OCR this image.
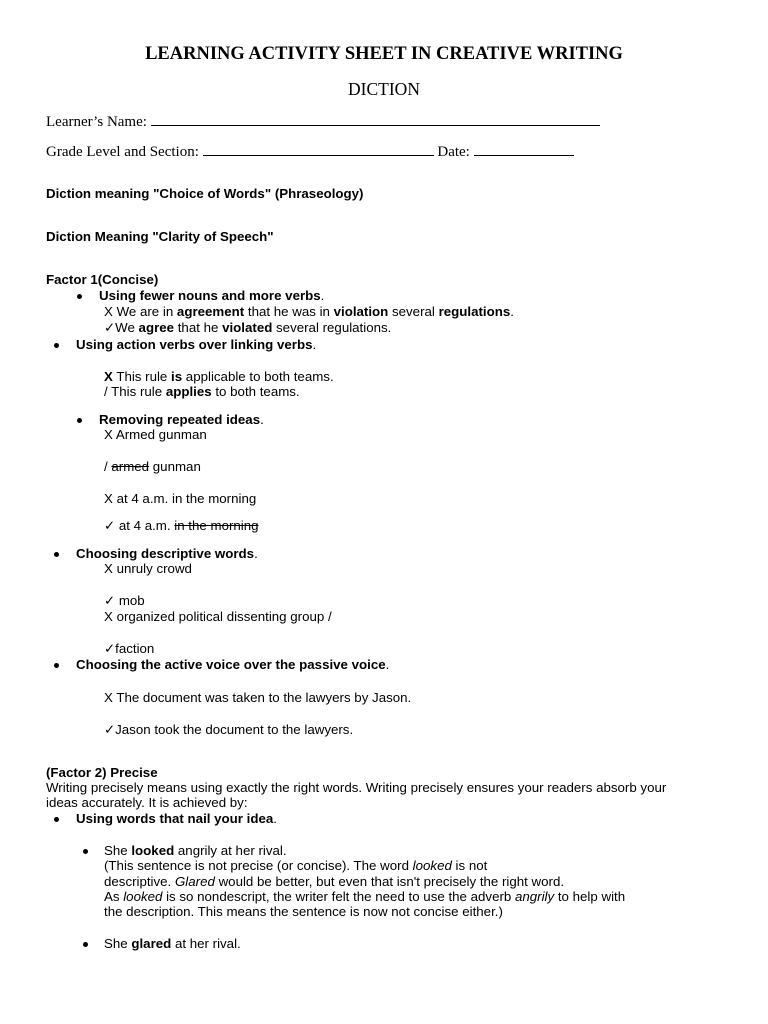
LEARNING ACTIVITY SHEET IN CREATIVE WRITING
DICTION
Learner’s Name:
Grade Level and Section:	Date:
Diction meaning "Choice of Words" (Phraseology)
Diction Meaning "Clarity of Speech"
Factor 1(Concise)
Using fewer nouns and more verbs.
X We are in agreement that he was in violation several regulations.
✓We agree that he violated several regulations.
Using action verbs over linking verbs.
X This rule is applicable to both teams.
/ This rule applies to both teams.
Removing repeated ideas.
X Armed gunman
/ armed gunman
X at 4 a.m. in the morning
✓ at 4 a.m. in the morning
Choosing descriptive words.
X unruly crowd
✓ mob
X organized political dissenting group /
✓faction
Choosing the active voice over the passive voice.
X The document was taken to the lawyers by Jason.
✓Jason took the document to the lawyers.
(Factor 2) Precise
Writing precisely means using exactly the right words. Writing precisely ensures your readers absorb your
ideas accurately. It is achieved by:
Using words that nail your idea.
She looked angrily at her rival.
(This sentence is not precise (or concise). The word looked is not
descriptive. Glared would be better, but even that isn't precisely the right word.
As looked is so nondescript, the writer felt the need to use the adverb angrily to help with
the description. This means the sentence is now not concise either.)
She glared at her rival.
